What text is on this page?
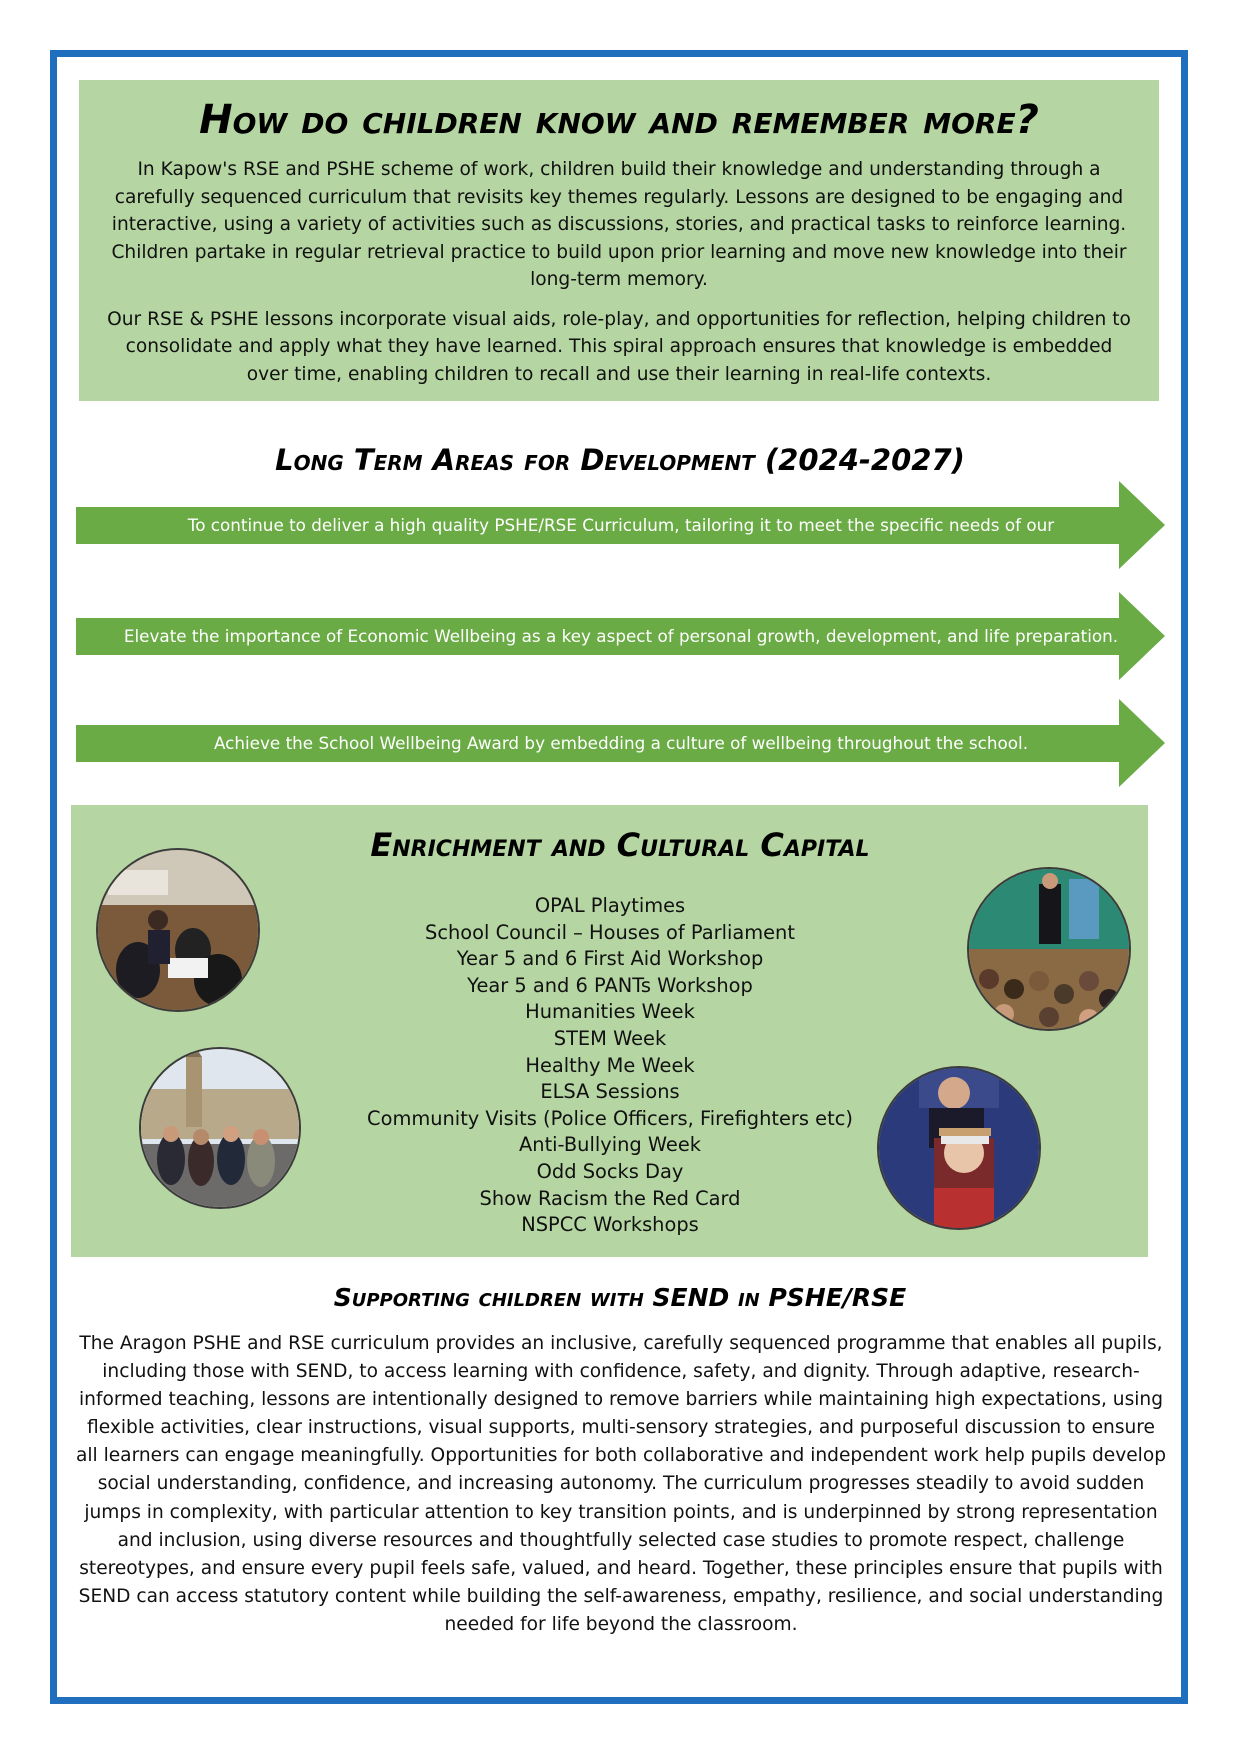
How do children know and remember more?

In Kapow's RSE and PSHE scheme of work, children build their knowledge and understanding through a carefully sequenced curriculum that revisits key themes regularly. Lessons are designed to be engaging and interactive, using a variety of activities such as discussions, stories, and practical tasks to reinforce learning. Children partake in regular retrieval practice to build upon prior learning and move new knowledge into their long-term memory.

Our RSE & PSHE lessons incorporate visual aids, role-play, and opportunities for reflection, helping children to consolidate and apply what they have learned. This spiral approach ensures that knowledge is embedded over time, enabling children to recall and use their learning in real-life contexts.

Long Term Areas for Development (2024-2027)
To continue to deliver a high quality PSHE/RSE Curriculum, tailoring it to meet the specific needs of our
Elevate the importance of Economic Wellbeing as a key aspect of personal growth, development, and life preparation.
Achieve the School Wellbeing Award by embedding a culture of wellbeing throughout the school.
Enrichment and Cultural Capital
OPAL Playtimes
School Council – Houses of Parliament
Year 5 and 6 First Aid Workshop
Year 5 and 6 PANTs Workshop
Humanities Week
STEM Week
Healthy Me Week
ELSA Sessions
Community Visits (Police Officers, Firefighters etc)
Anti-Bullying Week
Odd Socks Day
Show Racism the Red Card
NSPCC Workshops
Supporting children with SEND in PSHE/RSE

The Aragon PSHE and RSE curriculum provides an inclusive, carefully sequenced programme that enables all pupils, including those with SEND, to access learning with confidence, safety, and dignity. Through adaptive, research-informed teaching, lessons are intentionally designed to remove barriers while maintaining high expectations, using flexible activities, clear instructions, visual supports, multi-sensory strategies, and purposeful discussion to ensure all learners can engage meaningfully. Opportunities for both collaborative and independent work help pupils develop social understanding, confidence, and increasing autonomy. The curriculum progresses steadily to avoid sudden jumps in complexity, with particular attention to key transition points, and is underpinned by strong representation and inclusion, using diverse resources and thoughtfully selected case studies to promote respect, challenge stereotypes, and ensure every pupil feels safe, valued, and heard. Together, these principles ensure that pupils with SEND can access statutory content while building the self-awareness, empathy, resilience, and social understanding needed for life beyond the classroom.
